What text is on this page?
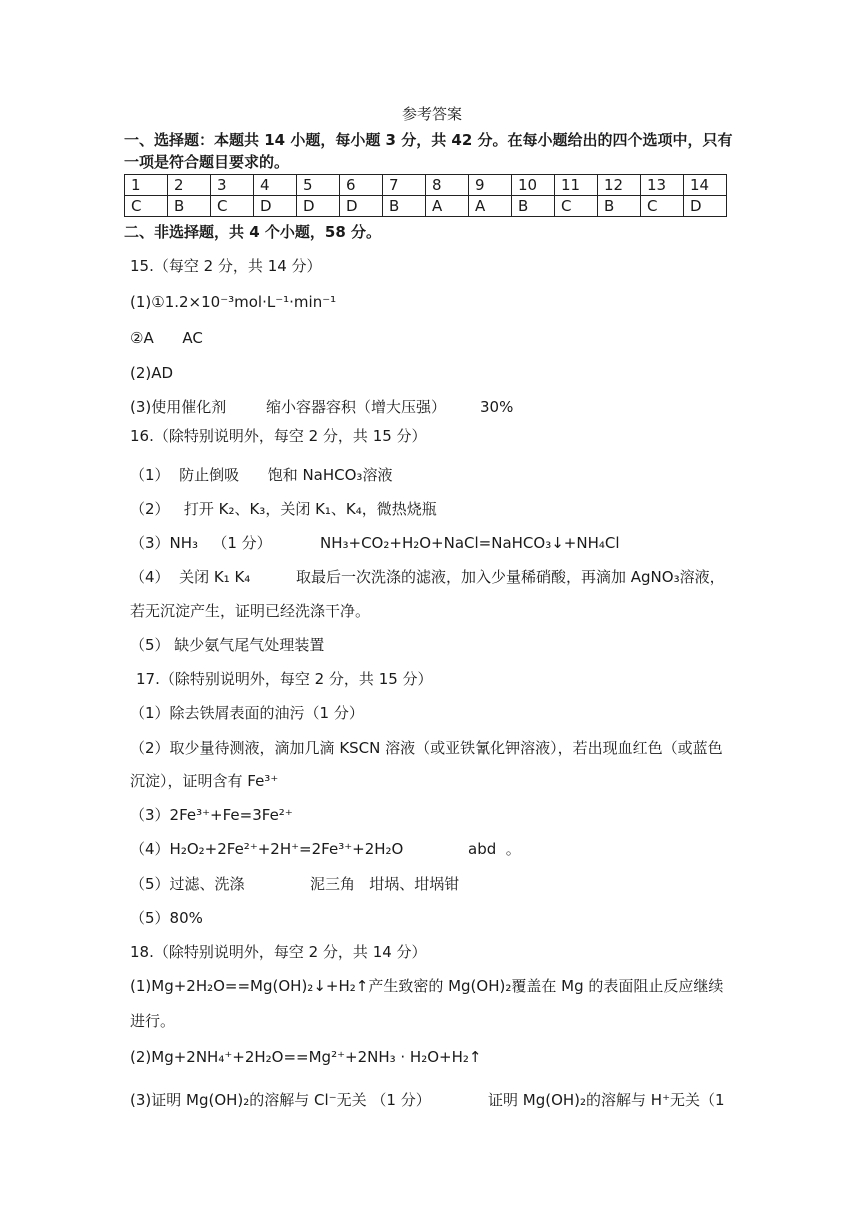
参考答案
一、选择题：本题共 14 小题，每小题 3 分，共 42 分。在每小题给出的四个选项中，只有
一项是符合题目要求的。
1	2	3	4	5	6	7	8	9	10	11	12	13	14
C	B	C	D	D	D	B	A	A	B	C	B	C	D
二、非选择题，共 4 个小题，58 分。
15.（每空 2 分，共 14 分）
(1)①1.2×10⁻³mol·L⁻¹·min⁻¹
②A      AC
(2)AD
(3)使用催化剂	缩小容器容积（增大压强） 30%
16.（除特别说明外，每空 2 分，共 15 分）
（1）  防止倒吸      饱和 NaHCO₃溶液
（2）   打开 K₂、K₃，关闭 K₁、K₄，微热烧瓶
（3）NH₃   （1 分）	NH₃+CO₂+H₂O+NaCl=NaHCO₃↓+NH₄Cl
（4）  关闭 K₁ K₄	取最后一次洗涤的滤液，加入少量稀硝酸，再滴加 AgNO₃溶液，
若无沉淀产生，证明已经洗涤干净。
（5） 缺少氨气尾气处理装置
17.（除特别说明外，每空 2 分，共 15 分）
（1）除去铁屑表面的油污（1 分）
（2）取少量待测液，滴加几滴 KSCN 溶液（或亚铁氰化钾溶液），若出现血红色（或蓝色
沉淀），证明含有 Fe³⁺
（3）2Fe³⁺+Fe=3Fe²⁺
（4）H₂O₂+2Fe²⁺+2H⁺=2Fe³⁺+2H₂O	abd  。
（5）过滤、洗涤	泥三角   坩埚、坩埚钳
（5）80%
18.（除特别说明外，每空 2 分，共 14 分）
(1)Mg+2H₂O==Mg(OH)₂↓+H₂↑产生致密的 Mg(OH)₂覆盖在 Mg 的表面阻止反应继续
进行。
(2)Mg+2NH₄⁺+2H₂O==Mg²⁺+2NH₃ · H₂O+H₂↑
(3)证明 Mg(OH)₂的溶解与 Cl⁻无关 （1 分）	证明 Mg(OH)₂的溶解与 H⁺无关（1
